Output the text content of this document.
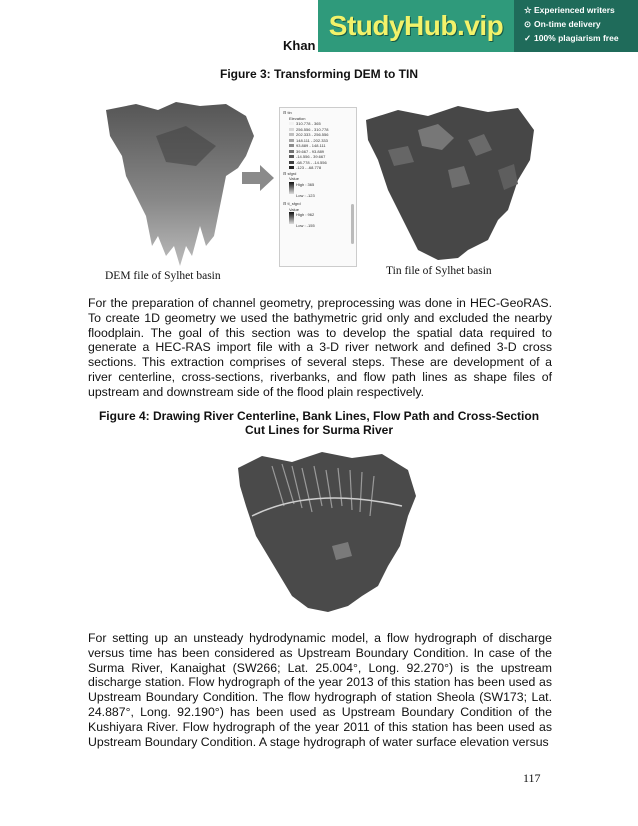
Khan
StudyHub.vip	☆ Experienced writers
⊙ On-time delivery
✓ 100% plagiarism free
Figure 3: Transforming DEM to TIN
DEM file of Sylhet basin
⊟ tin
Elevation
310.778 - 365
256.556 - 310.778
202.333 - 256.556
148.111 - 202.333
93.889 - 148.111
39.667 - 93.889
-14.556 - 39.667
-68.778 - -14.556
-123 - -68.778
⊟ sfgrd
Value
High : 365

Low : -123
⊟ tl_sfgrd
Value
High : 962

Low : -155
Tin file of Sylhet basin

For the preparation of channel geometry, preprocessing was done in HEC-GeoRAS. To create 1D geometry we used the bathymetric grid only and excluded the nearby floodplain. The goal of this section was to develop the spatial data required to generate a HEC-RAS import file with a 3-D river network and defined 3-D cross sections. This extraction comprises of several steps. These are development of a river centerline, cross-sections, riverbanks, and flow path lines as shape files of upstream and downstream side of the flood plain respectively.

Figure 4: Drawing River Centerline, Bank Lines, Flow Path and Cross-Section
Cut Lines for Surma River

For setting up an unsteady hydrodynamic model, a flow hydrograph of discharge versus time has been considered as Upstream Boundary Condition. In case of the Surma River, Kanaighat (SW266; Lat. 25.004°, Long. 92.270°) is the upstream discharge station. Flow hydrograph of the year 2013 of this station has been used as Upstream Boundary Condition. The flow hydrograph of station Sheola (SW173; Lat. 24.887°, Long. 92.190°) has been used as Upstream Boundary Condition of the Kushiyara River. Flow hydrograph of the year 2011 of this station has been used as Upstream Boundary Condition. A stage hydrograph of water surface elevation versus

117
